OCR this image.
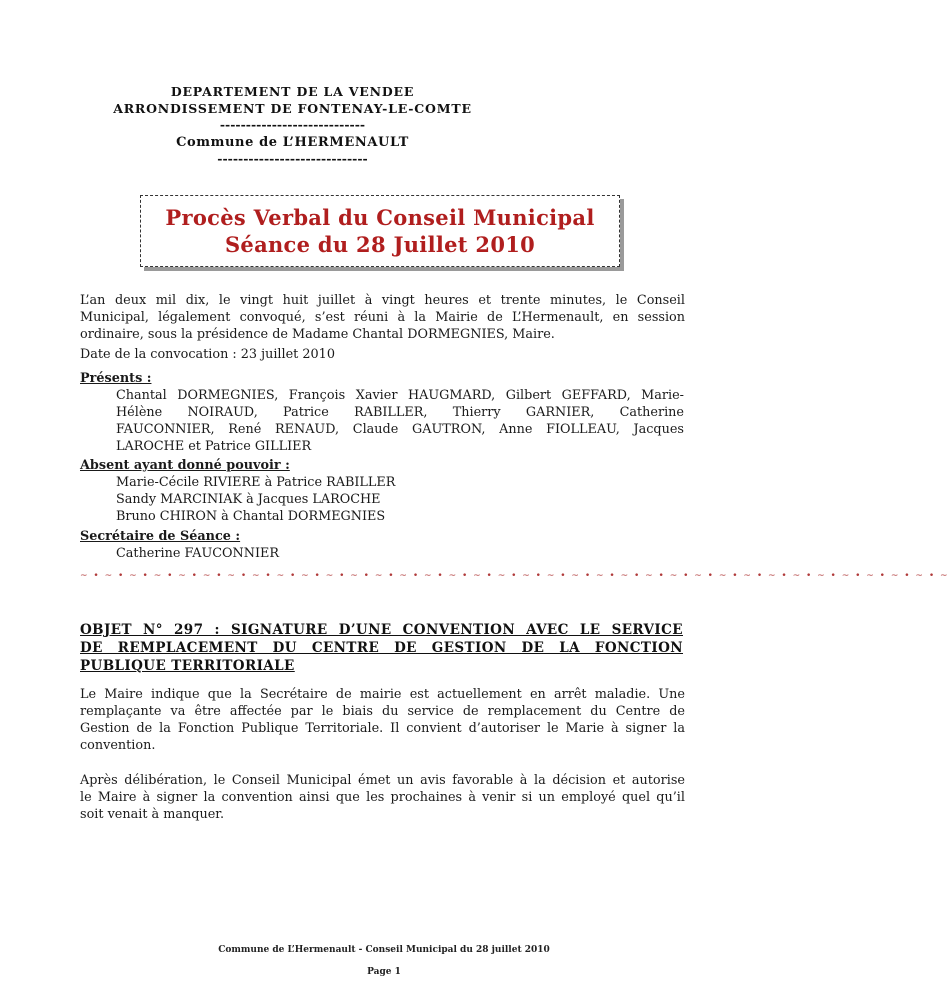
DEPARTEMENT DE LA VENDEE
ARRONDISSEMENT DE FONTENAY-LE-COMTE
----------------------------
Commune de L’HERMENAULT
-----------------------------
Procès Verbal du Conseil Municipal
Séance du 28 Juillet 2010
L’an deux mil dix, le vingt huit juillet à vingt heures et trente minutes, le Conseil
Municipal, légalement convoqué, s’est réuni à la Mairie de L’Hermenault, en session
ordinaire, sous la présidence de Madame Chantal DORMEGNIES, Maire.
Date de la convocation : 23 juillet 2010
Présents :
Chantal DORMEGNIES, François Xavier HAUGMARD, Gilbert GEFFARD, Marie-
Hélène NOIRAUD, Patrice RABILLER, Thierry GARNIER, Catherine
FAUCONNIER, René RENAUD, Claude GAUTRON, Anne FIOLLEAU, Jacques
LAROCHE et Patrice GILLIER
Absent ayant donné pouvoir :
Marie-Cécile RIVIERE à Patrice RABILLER
Sandy MARCINIAK à Jacques LAROCHE
Bruno CHIRON à Chantal DORMEGNIES
Secrétaire de Séance :
Catherine FAUCONNIER
~ • ~ • ~ • ~ • ~ • ~ • ~ • ~ • ~ • ~ • ~ • ~ • ~ • ~ • ~ • ~ • ~ • ~ • ~ • ~ • ~ • ~ • ~ • ~ • ~ • ~ • ~ • ~ • ~ • ~ • ~ • ~ • ~ • ~ • ~ • ~
OBJET N° 297 : SIGNATURE D’UNE CONVENTION AVEC LE SERVICE
DE REMPLACEMENT DU CENTRE DE GESTION DE LA FONCTION
PUBLIQUE TERRITORIALE
Le Maire indique que la Secrétaire de mairie est actuellement en arrêt maladie. Une
remplaçante va être affectée par le biais du service de remplacement du Centre de
Gestion de la Fonction Publique Territoriale. Il convient d’autoriser le Marie à signer la
convention.
Après délibération, le Conseil Municipal émet un avis favorable à la décision et autorise
le Maire à signer la convention ainsi que les prochaines à venir si un employé quel qu’il
soit venait à manquer.
Commune de L’Hermenault - Conseil Municipal du 28 juillet 2010
Page 1
